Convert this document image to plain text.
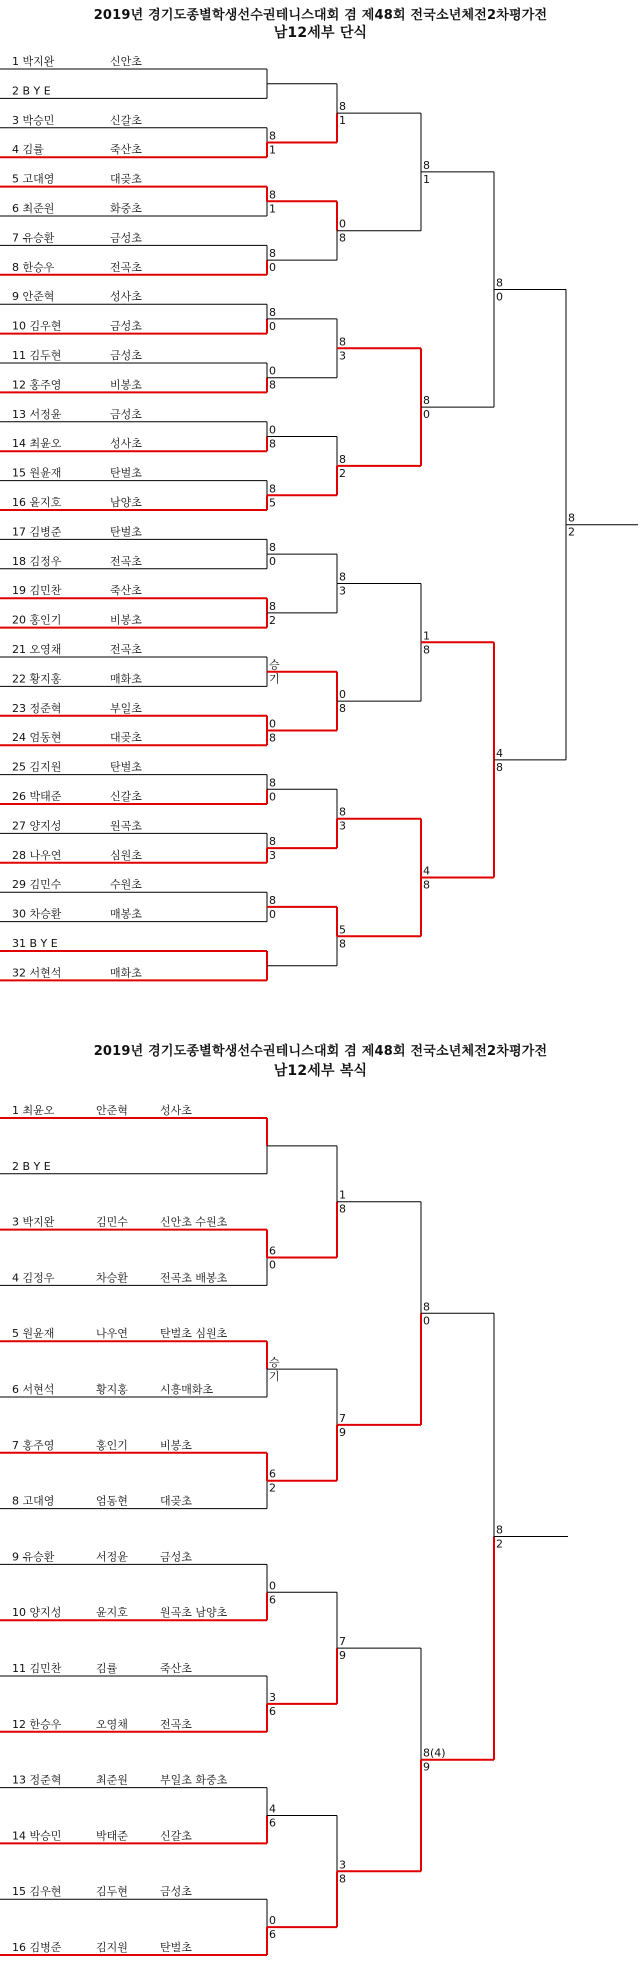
2019년 경기도종별학생선수권테니스대회 겸 제48회 전국소년체전2차평가전
남12세부 단식
2019년 경기도종별학생선수권테니스대회 겸 제48회 전국소년체전2차평가전
남12세부 복식
1 박지완	신안초
2 B Y E
3 박승민	신갈초
4 김률	죽산초
5 고대영	대곶초
6 최준원	화중초
7 유승환	금성초
8 한승우	전곡초
9 안준혁	성사초
10 김우현	금성초
11 김두현	금성초
12 홍주영	비봉초
13 서정윤	금성초
14 최윤오	성사초
15 원윤재	탄벌초
16 윤지호	남양초
17 김병준	탄벌초
18 김정우	전곡초
19 김민찬	죽산초
20 홍인기	비봉초
21 오영채	전곡초
22 황지홍	매화초
23 정준혁	부일초
24 엄동현	대곶초
25 김지원	탄벌초
26 박태준	신갈초
27 양지성	원곡초
28 나우연	심원초
29 김민수	수원초
30 차승환	매봉초
31 B Y E
32 서현석	매화초
8
1
8
1
8
0
8
0
0
8
0
8
8
5
8
0
8
2
승
기
0
8
8
0
8
3
8
0
8
1
0
8
8
3
8
2
8
3
0
8
8
3
5
8
8
1
8
0
1
8
4
8
8
0
4
8
8
2
1 최윤오	안준혁	성사초
2 B Y E
3 박지완	김민수	신안초 수원초
4 김정우	차승환	전곡초 배봉초
5 원윤재	나우연	탄벌초 심원초
6 서현석	황지홍	시흥매화초
7 홍주영	홍인기	비봉초
8 고대영	엄동현	대곶초
9 유승환	서정윤	금성초
10 양지성	윤지호	원곡초 남양초
11 김민찬	김률	죽산초
12 한승우	오영채	전곡초
13 정준혁	최준원	부일초 화중초
14 박승민	박태준	신갈초
15 김우현	김두현	금성초
16 김병준	김지원	탄벌초
6
0
승
기
6
2
0
6
3
6
4
6
0
6
1
8
7
9
7
9
3
8
8
0
8(4)
9
8
2
